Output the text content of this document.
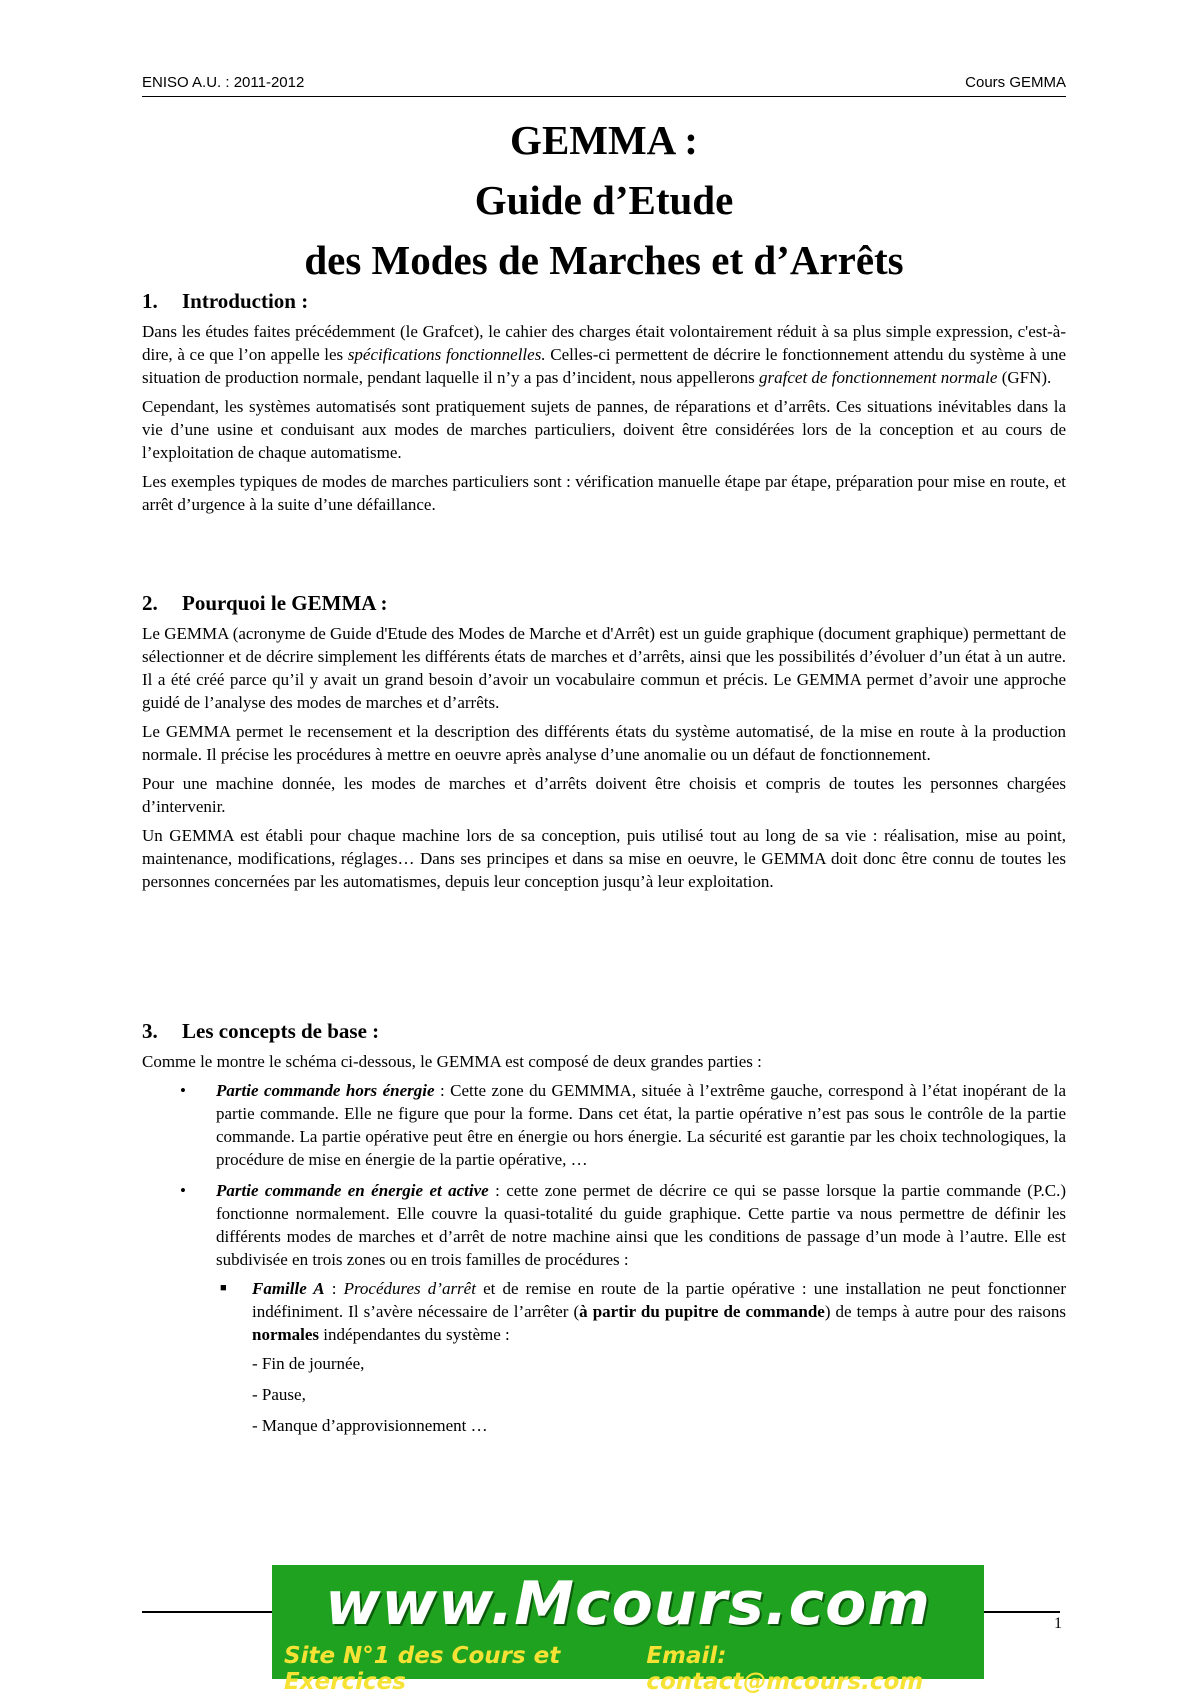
ENISO A.U. : 2011-2012	Cours GEMMA
GEMMA :
Guide d’Etude
des Modes de Marches et d’Arrêts
1. Introduction :

Dans les études faites précédemment (le Grafcet), le cahier des charges était volontairement réduit à sa plus simple expression, c'est-à-dire, à ce que l’on appelle les spécifications fonctionnelles. Celles-ci permettent de décrire le fonctionnement attendu du système à une situation de production normale, pendant laquelle il n’y a pas d’incident, nous appellerons grafcet de fonctionnement normale (GFN).

Cependant, les systèmes automatisés sont pratiquement sujets de pannes, de réparations et d’arrêts. Ces situations inévitables dans la vie d’une usine et conduisant aux modes de marches particuliers, doivent être considérées lors de la conception et au cours de l’exploitation de chaque automatisme.

Les exemples typiques de modes de marches particuliers sont : vérification manuelle étape par étape, préparation pour mise en route, et arrêt d’urgence à la suite d’une défaillance.

2. Pourquoi le GEMMA :

Le GEMMA (acronyme de Guide d'Etude des Modes de Marche et d'Arrêt) est un guide graphique (document graphique) permettant de sélectionner et de décrire simplement les différents états de marches et d’arrêts, ainsi que les possibilités d’évoluer d’un état à un autre. Il a été créé parce qu’il y avait un grand besoin d’avoir un vocabulaire commun et précis. Le GEMMA permet d’avoir une approche guidé de l’analyse des modes de marches et d’arrêts.

Le GEMMA permet le recensement et la description des différents états du système automatisé, de la mise en route à la production normale. Il précise les procédures à mettre en oeuvre après analyse d’une anomalie ou un défaut de fonctionnement.

Pour une machine donnée, les modes de marches et d’arrêts doivent être choisis et compris de toutes les personnes chargées d’intervenir.

Un GEMMA est établi pour chaque machine lors de sa conception, puis utilisé tout au long de sa vie : réalisation, mise au point, maintenance, modifications, réglages… Dans ses principes et dans sa mise en oeuvre, le GEMMA doit donc être connu de toutes les personnes concernées par les automatismes, depuis leur conception jusqu’à leur exploitation.

3. Les concepts de base :

Comme le montre le schéma ci-dessous, le GEMMA est composé de deux grandes parties :

• Partie commande hors énergie : Cette zone du GEMMMA, située à l’extrême gauche, correspond à l’état inopérant de la partie commande. Elle ne figure que pour la forme. Dans cet état, la partie opérative n’est pas sous le contrôle de la partie commande. La partie opérative peut être en énergie ou hors énergie. La sécurité est garantie par les choix technologiques, la procédure de mise en énergie de la partie opérative, …
• Partie commande en énergie et active : cette zone permet de décrire ce qui se passe lorsque la partie commande (P.C.) fonctionne normalement. Elle couvre la quasi-totalité du guide graphique. Cette partie va nous permettre de définir les différents modes de marches et d’arrêt de notre machine ainsi que les conditions de passage d’un mode à l’autre. Elle est subdivisée en trois zones ou en trois familles de procédures :
■ Famille A : Procédures d’arrêt et de remise en route de la partie opérative : une installation ne peut fonctionner indéfiniment. Il s’avère nécessaire de l’arrêter (à partir du pupitre de commande) de temps à autre pour des raisons normales indépendantes du système :
- Fin de journée,
- Pause,
- Manque d’approvisionnement …
www.Mcours.com
Site N°1 des Cours et Exercices
Email: contact@mcours.com
1
